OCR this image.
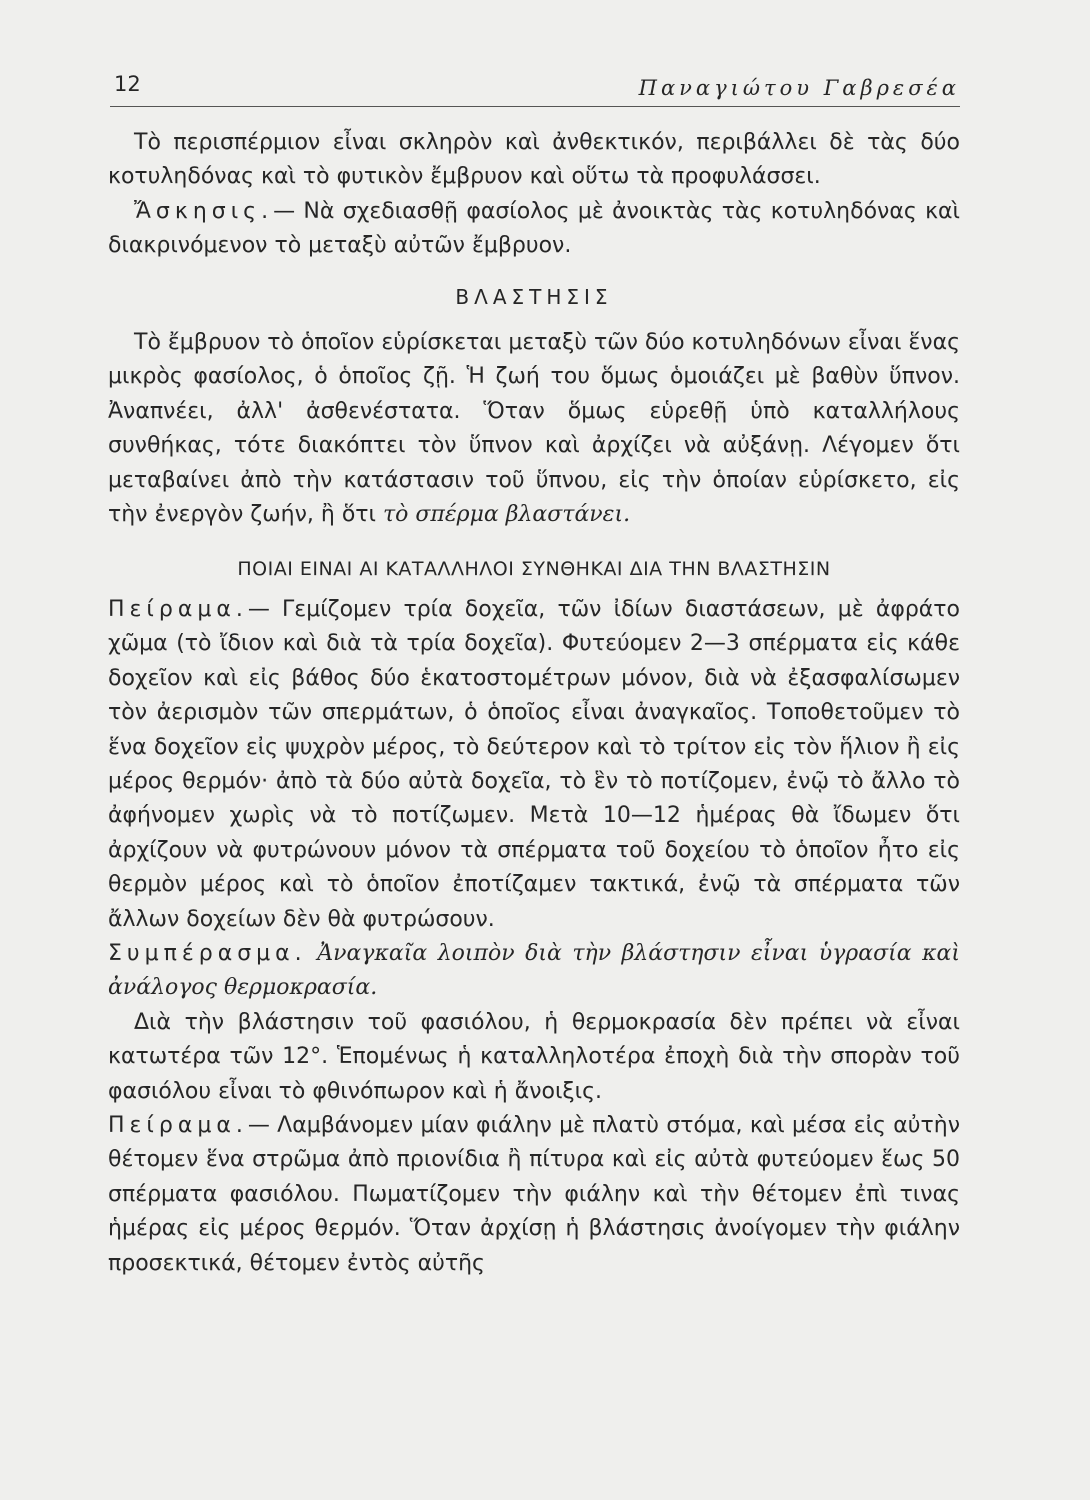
12	Παναγιώτου Γαβρεσέα

Τὸ περισπέρμιον εἶναι σκληρὸν καὶ ἀνθεκτικόν, περιβάλλει δὲ τὰς δύο κοτυληδόνας καὶ τὸ φυτικὸν ἔμβρυον καὶ οὕτω τὰ προφυλάσσει.

Ἄσκησις.— Νὰ σχεδιασθῇ φασίολος μὲ ἀνοικτὰς τὰς κοτυληδόνας καὶ διακρινόμενον τὸ μεταξὺ αὐτῶν ἔμβρυον.

ΒΛΑΣΤΗΣΙΣ

Τὸ ἔμβρυον τὸ ὁποῖον εὑρίσκεται μεταξὺ τῶν δύο κοτυληδόνων εἶναι ἕνας μικρὸς φασίολος, ὁ ὁποῖος ζῇ. Ἡ ζωή του ὅμως ὁμοιάζει μὲ βαθὺν ὕπνον. Ἀναπνέει, ἀλλ' ἀσθενέστατα. Ὅταν ὅμως εὑρεθῇ ὑπὸ καταλλήλους συνθήκας, τότε διακόπτει τὸν ὕπνον καὶ ἀρχίζει νὰ αὐξάνῃ. Λέγομεν ὅτι μεταβαίνει ἀπὸ τὴν κατάστασιν τοῦ ὕπνου, εἰς τὴν ὁποίαν εὑρίσκετο, εἰς τὴν ἐνεργὸν ζωήν, ἢ ὅτι τὸ σπέρμα βλαστάνει.

ΠΟΙΑΙ ΕΙΝΑΙ ΑΙ ΚΑΤΑΛΛΗΛΟΙ ΣΥΝΘΗΚΑΙ ΔΙΑ ΤΗΝ ΒΛΑΣΤΗΣΙΝ

Πείραμα.— Γεμίζομεν τρία δοχεῖα, τῶν ἰδίων διαστάσεων, μὲ ἀφράτο χῶμα (τὸ ἴδιον καὶ διὰ τὰ τρία δοχεῖα). Φυτεύομεν 2—3 σπέρματα εἰς κάθε δοχεῖον καὶ εἰς βάθος δύο ἑκατοστομέτρων μόνον, διὰ νὰ ἐξασφαλίσωμεν τὸν ἀερισμὸν τῶν σπερμάτων, ὁ ὁποῖος εἶναι ἀναγκαῖος. Τοποθετοῦμεν τὸ ἕνα δοχεῖον εἰς ψυχρὸν μέρος, τὸ δεύτερον καὶ τὸ τρίτον εἰς τὸν ἥλιον ἢ εἰς μέρος θερμόν· ἀπὸ τὰ δύο αὐτὰ δοχεῖα, τὸ ἓν τὸ ποτίζομεν, ἐνῷ τὸ ἄλλο τὸ ἀφήνομεν χωρὶς νὰ τὸ ποτίζωμεν. Μετὰ 10—12 ἡμέρας θὰ ἴδωμεν ὅτι ἀρχίζουν νὰ φυτρώνουν μόνον τὰ σπέρματα τοῦ δοχείου τὸ ὁποῖον ἦτο εἰς θερμὸν μέρος καὶ τὸ ὁποῖον ἐποτίζαμεν τακτικά, ἐνῷ τὰ σπέρματα τῶν ἄλλων δοχείων δὲν θὰ φυτρώσουν.

Συμπέρασμα. Ἀναγκαῖα λοιπὸν διὰ τὴν βλάστησιν εἶναι ὑγρασία καὶ ἀνάλογος θερμοκρασία.

Διὰ τὴν βλάστησιν τοῦ φασιόλου, ἡ θερμοκρασία δὲν πρέπει νὰ εἶναι κατωτέρα τῶν 12°. Ἑπομένως ἡ καταλληλοτέρα ἐποχὴ διὰ τὴν σπορὰν τοῦ φασιόλου εἶναι τὸ φθινόπωρον καὶ ἡ ἄνοιξις.

Πείραμα.— Λαμβάνομεν μίαν φιάλην μὲ πλατὺ στόμα, καὶ μέσα εἰς αὐτὴν θέτομεν ἕνα στρῶμα ἀπὸ πριονίδια ἢ πίτυρα καὶ εἰς αὐτὰ φυτεύομεν ἕως 50 σπέρματα φασιόλου. Πωματίζομεν τὴν φιάλην καὶ τὴν θέτομεν ἐπὶ τινας ἡμέρας εἰς μέρος θερμόν. Ὅταν ἀρχίσῃ ἡ βλάστησις ἀνοίγομεν τὴν φιάλην προσεκτικά, θέτομεν ἐντὸς αὐτῆς
